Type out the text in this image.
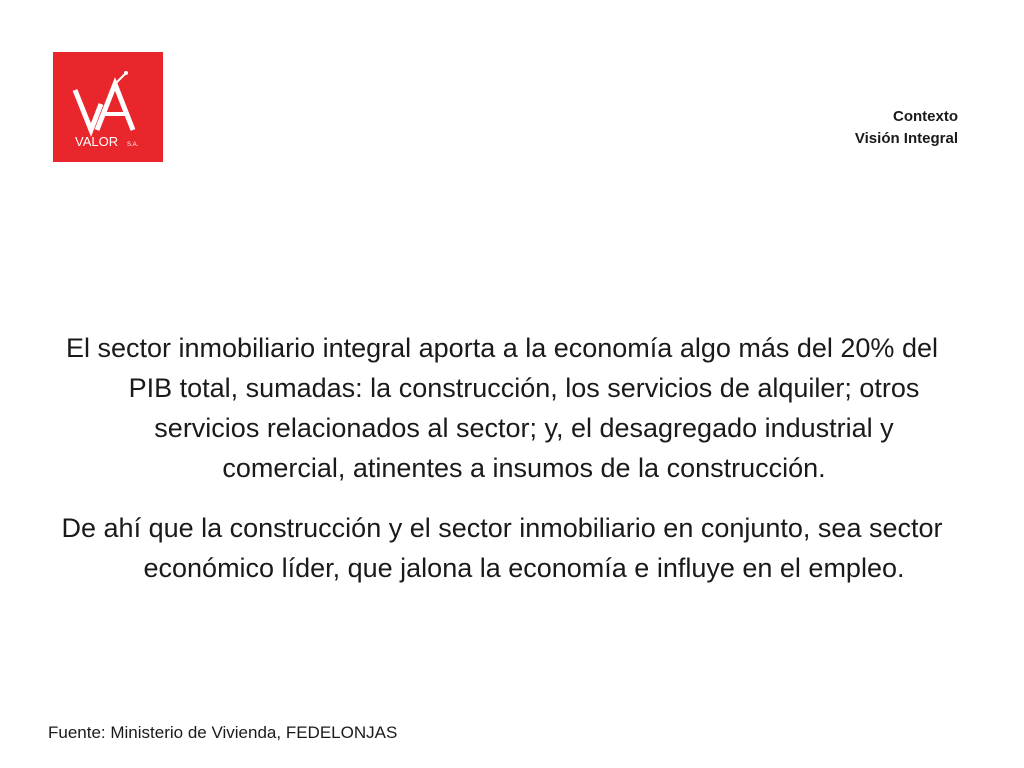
VALOR S.A.
Contexto
Visión Integral

El sector inmobiliario integral aporta a la economía algo más del 20% del PIB total, sumadas: la construcción, los servicios de alquiler; otros servicios relacionados al sector; y, el desagregado industrial y comercial, atinentes a insumos de la construcción.

De ahí que la construcción y el sector inmobiliario en conjunto, sea sector económico líder, que jalona la economía e influye en el empleo.

Fuente: Ministerio de Vivienda, FEDELONJAS
